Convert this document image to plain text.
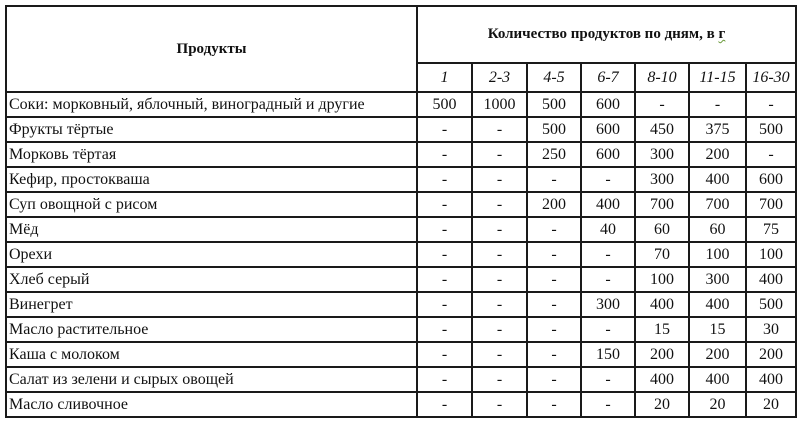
Продукты	Количество продуктов по дням, в г						
	1	2-3	4-5	6-7	8-10	11-15	16-30
Соки: морковный, яблочный, виноградный и другие	500	1000	500	600	-	-	-
Фрукты тёртые	-	-	500	600	450	375	500
Морковь тёртая	-	-	250	600	300	200	-
Кефир, простокваша	-	-	-	-	300	400	600
Суп овощной с рисом	-	-	200	400	700	700	700
Мёд	-	-	-	40	60	60	75
Орехи	-	-	-	-	70	100	100
Хлеб серый	-	-	-	-	100	300	400
Винегрет	-	-	-	300	400	400	500
Масло растительное	-	-	-	-	15	15	30
Каша с молоком	-	-	-	150	200	200	200
Салат из зелени и сырых овощей	-	-	-	-	400	400	400
Масло сливочное	-	-	-	-	20	20	20
